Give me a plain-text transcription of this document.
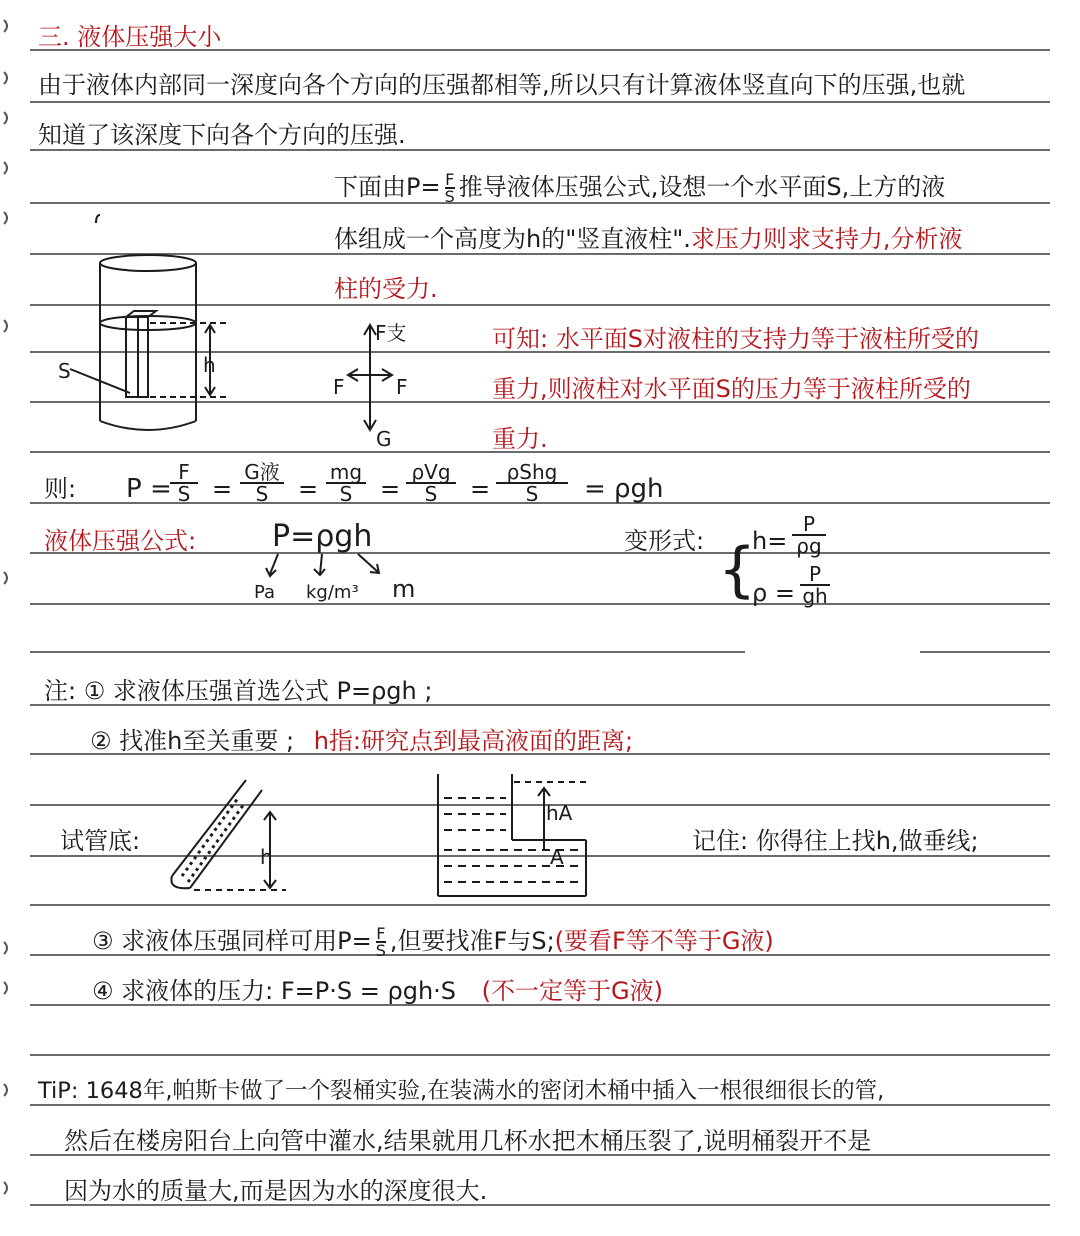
三. 液体压强大小
由于液体内部同一深度向各个方向的压强都相等,所以只有计算液体竖直向下的压强,也就
知道了该深度下向各个方向的压强.
下面由$P= \frac{F}{S}$ 推导液体压强公式,设想一个水平面S,上方的液
体组成一个高度为h的"竖直液柱".求压力则求支持力,分析液
柱的受力.
S	h
F支
F	F
G
可知: 水平面S对液柱的支持力等于液柱所受的
重力,则液柱对水平面S的压力等于液柱所受的
重力.
则: P =
$\frac{F}{S}$ =
G液
S	= $\frac{mg}{S}$ =
ρVg
S	=
ρShg
S	= ρgh
液体压强公式:	P=ρgh
Pa kg/m³ m
变形式: {
$h= \frac{P}{\rho g}$
$\rho = \frac{P}{gh}$
注: ① 求液体压强首选公式 P=ρgh ;
② 找准h至关重要 ; h指:研究点到最高液面的距离;
试管底:
h
hA
A
记住: 你得往上找h,做垂线;
③ 求液体压强同样可用$P= \frac{F}{S}$ ,但要找准F与S;(要看F等不等于G液)
④ 求液体的压力: F=P·S = ρgh·S (不一定等于G液)
TiP: 1648年,帕斯卡做了一个裂桶实验,在装满水的密闭木桶中插入一根很细很长的管,
然后在楼房阳台上向管中灌水,结果就用几杯水把木桶压裂了,说明桶裂开不是
因为水的质量大,而是因为水的深度很大.
